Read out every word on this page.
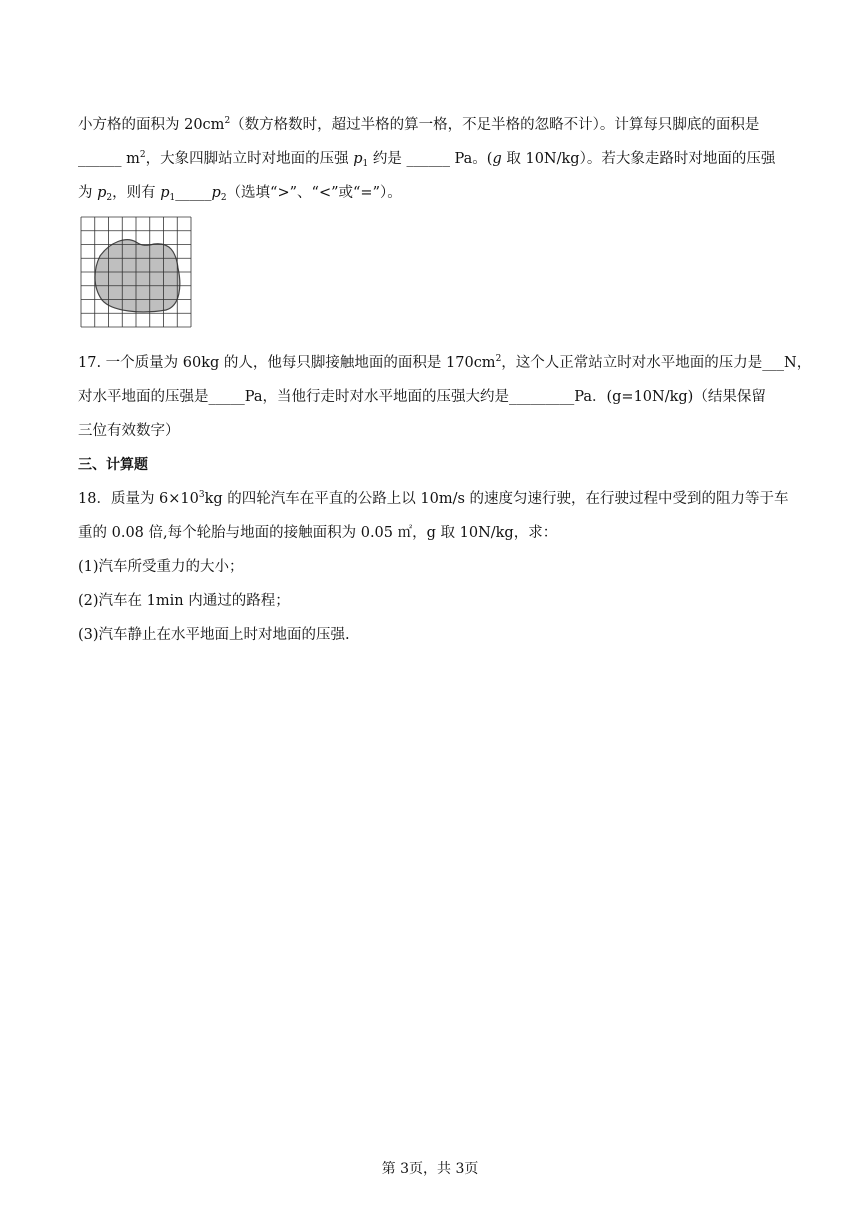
小方格的面积为 $20cm^2$（数方格数时，超过半格的算一格，不足半格的忽略不计）。计算每只脚底的面积是
______ $m^2$，大象四脚站立时对地面的压强 $p_1$ 约是 ______ Pa。(g 取 10N/kg）。若大象走路时对地面的压强
为 $p_2$，则有 $p_1\_\_\_\_\_p_2$（选填“>”、“<”或“=”）。
17. 一个质量为 60kg 的人，他每只脚接触地面的面积是 $170cm^2$，这个人正常站立时对水平地面的压力是___N，
对水平地面的压强是_____Pa，当他行走时对水平地面的压强大约是_________Pa．(g=10N/kg)（结果保留
三位有效数字）
三、计算题
18．质量为 $6\times 10^3kg$ 的四轮汽车在平直的公路上以 10m/s 的速度匀速行驶，在行驶过程中受到的阻力等于车
重的 0.08 倍,每个轮胎与地面的接触面积为 0.05 ㎡，g 取 10N/kg，求：
(1)汽车所受重力的大小；
(2)汽车在 1min 内通过的路程；
(3)汽车静止在水平地面上时对地面的压强.
第 3页，共 3页
